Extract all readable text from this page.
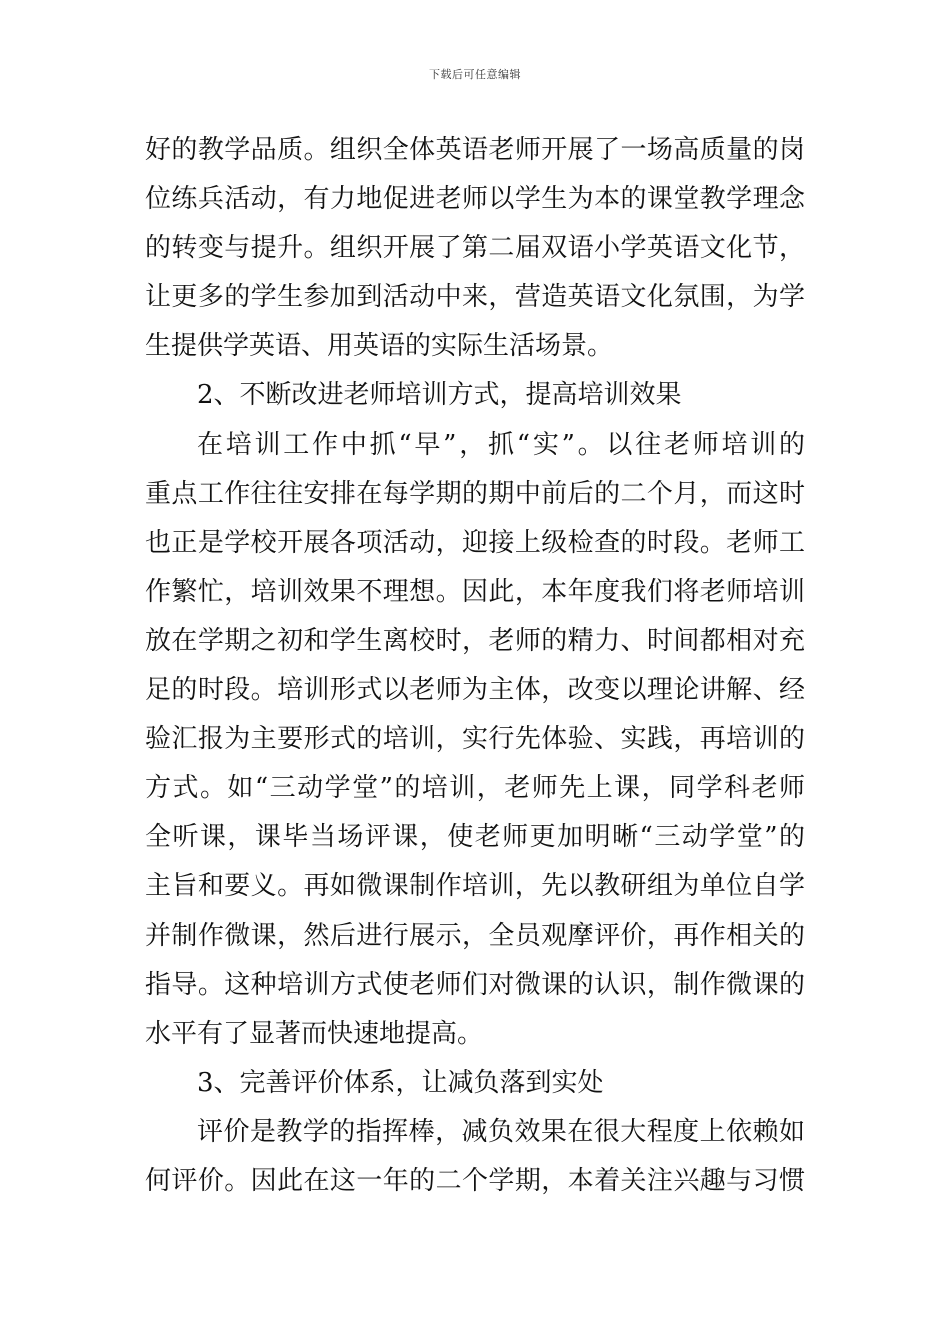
下载后可任意编辑
好的教学品质。组织全体英语老师开展了一场高质量的岗
位练兵活动，有力地促进老师以学生为本的课堂教学理念
的转变与提升。组织开展了第二届双语小学英语文化节，
让更多的学生参加到活动中来，营造英语文化氛围，为学
生提供学英语、用英语的实际生活场景。
2、不断改进老师培训方式，提高培训效果
在培训工作中抓“早”，抓“实”。以往老师培训的
重点工作往往安排在每学期的期中前后的二个月，而这时
也正是学校开展各项活动，迎接上级检查的时段。老师工
作繁忙，培训效果不理想。因此，本年度我们将老师培训
放在学期之初和学生离校时，老师的精力、时间都相对充
足的时段。培训形式以老师为主体，改变以理论讲解、经
验汇报为主要形式的培训，实行先体验、实践，再培训的
方式。如“三动学堂”的培训，老师先上课，同学科老师
全听课，课毕当场评课，使老师更加明晰“三动学堂”的
主旨和要义。再如微课制作培训，先以教研组为单位自学
并制作微课，然后进行展示，全员观摩评价，再作相关的
指导。这种培训方式使老师们对微课的认识，制作微课的
水平有了显著而快速地提高。
3、完善评价体系，让减负落到实处
评价是教学的指挥棒，减负效果在很大程度上依赖如
何评价。因此在这一年的二个学期，本着关注兴趣与习惯
